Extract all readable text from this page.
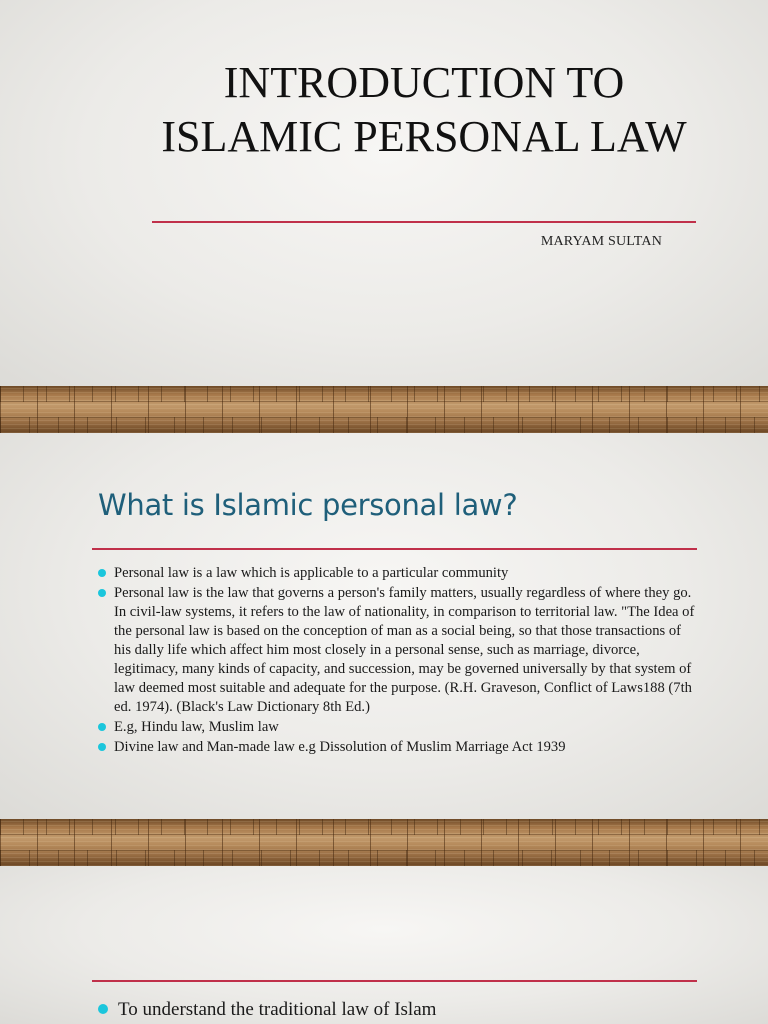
INTRODUCTION TO ISLAMIC PERSONAL LAW
MARYAM SULTAN
What is Islamic personal law?
Personal law is a law which is applicable to a particular community
Personal law is the law that governs a person's family matters, usually regardless of where they go. In civil-law systems, it refers to the law of nationality, in comparison to territorial law. "The Idea of the personal law is based on the conception of man as a social being, so that those transactions of his dally life which affect him most closely in a personal sense, such as marriage, divorce, legitimacy, many kinds of capacity, and succession, may be governed universally by that system of law deemed most suitable and adequate for the purpose. (R.H. Graveson, Conflict of Laws188 (7th ed. 1974). (Black's Law Dictionary 8th Ed.)
E.g, Hindu law, Muslim law
Divine law and Man-made law e.g Dissolution of Muslim Marriage Act 1939
To understand the traditional law of Islam
